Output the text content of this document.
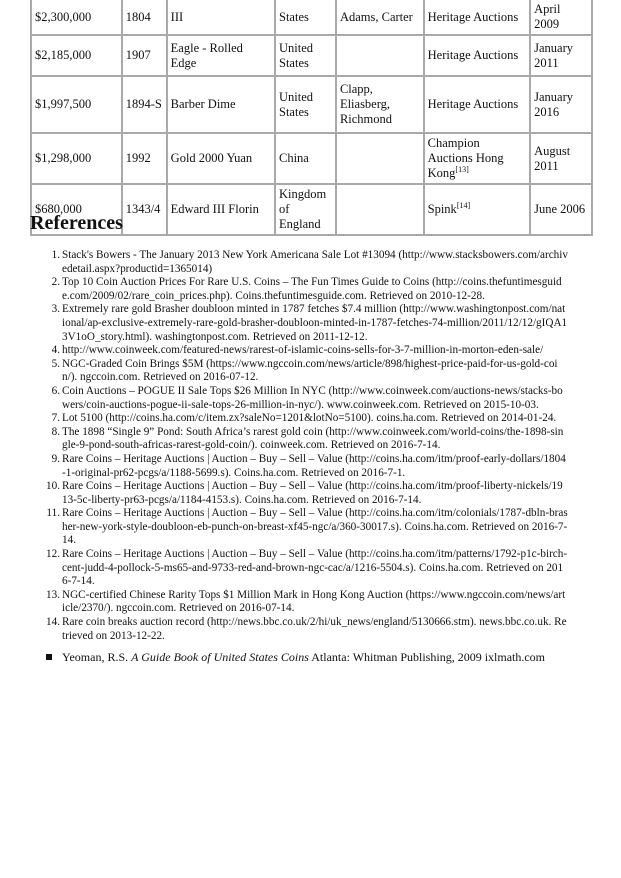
$2,300,000	1804	III	States	Adams, Carter	Heritage Auctions	April 2009
$2,185,000	1907	Eagle - Rolled Edge	United States		Heritage Auctions	January 2011
$1,997,500	1894-S	Barber Dime	United States	Clapp, Eliasberg, Richmond	Heritage Auctions	January 2016
$1,298,000	1992	Gold 2000 Yuan	China		Champion Auctions Hong Kong[13]	August 2011
$680,000	1343/4	Edward III Florin	Kingdom of England		Spink[14]	June 2006
References
1. Stack's Bowers - The January 2013 New York Americana Sale Lot #13094 (http://www.stacksbowers.com/archivedetail.aspx?productid=1365014)
2. Top 10 Coin Auction Prices For Rare U.S. Coins – The Fun Times Guide to Coins (http://coins.thefuntimesguide.com/2009/02/rare_coin_prices.php). Coins.thefuntimesguide.com. Retrieved on 2010-12-28.
3. Extremely rare gold Brasher doubloon minted in 1787 fetches $7.4 million (http://www.washingtonpost.com/national/ap-exclusive-extremely-rare-gold-brasher-doubloon-minted-in-1787-fetches-74-million/2011/12/12/gIQA13V1oO_story.html). washingtonpost.com. Retrieved on 2011-12-12.
4. http://www.coinweek.com/featured-news/rarest-of-islamic-coins-sells-for-3-7-million-in-morton-eden-sale/
5. NGC-Graded Coin Brings $5M (https://www.ngccoin.com/news/article/898/highest-price-paid-for-us-gold-coin/). ngccoin.com. Retrieved on 2016-07-12.
6. Coin Auctions – POGUE II Sale Tops $26 Million In NYC (http://www.coinweek.com/auctions-news/stacks-bowers/coin-auctions-pogue-ii-sale-tops-26-million-in-nyc/). www.coinweek.com. Retrieved on 2015-10-03.
7. Lot 5100 (http://coins.ha.com/c/item.zx?saleNo=1201&lotNo=5100). coins.ha.com. Retrieved on 2014-01-24.
8. The 1898 “Single 9” Pond: South Africa’s rarest gold coin (http://www.coinweek.com/world-coins/the-1898-single-9-pond-south-africas-rarest-gold-coin/). coinweek.com. Retrieved on 2016-7-14.
9. Rare Coins – Heritage Auctions | Auction – Buy – Sell – Value (http://coins.ha.com/itm/proof-early-dollars/1804-1-original-pr62-pcgs/a/1188-5699.s). Coins.ha.com. Retrieved on 2016-7-1.
10. Rare Coins – Heritage Auctions | Auction – Buy – Sell – Value (http://coins.ha.com/itm/proof-liberty-nickels/1913-5c-liberty-pr63-pcgs/a/1184-4153.s). Coins.ha.com. Retrieved on 2016-7-14.
11. Rare Coins – Heritage Auctions | Auction – Buy – Sell – Value (http://coins.ha.com/itm/colonials/1787-dbln-brasher-new-york-style-doubloon-eb-punch-on-breast-xf45-ngc/a/360-30017.s). Coins.ha.com. Retrieved on 2016-7-14.
12. Rare Coins – Heritage Auctions | Auction – Buy – Sell – Value (http://coins.ha.com/itm/patterns/1792-p1c-birch-cent-judd-4-pollock-5-ms65-and-9733-red-and-brown-ngc-cac/a/1216-5504.s). Coins.ha.com. Retrieved on 2016-7-14.
13. NGC-certified Chinese Rarity Tops $1 Million Mark in Hong Kong Auction (https://www.ngccoin.com/news/article/2370/). ngccoin.com. Retrieved on 2016-07-14.
14. Rare coin breaks auction record (http://news.bbc.co.uk/2/hi/uk_news/england/5130666.stm). news.bbc.co.uk. Retrieved on 2013-12-22.
Yeoman, R.S. A Guide Book of United States Coins Atlanta: Whitman Publishing, 2009 ixlmath.com
